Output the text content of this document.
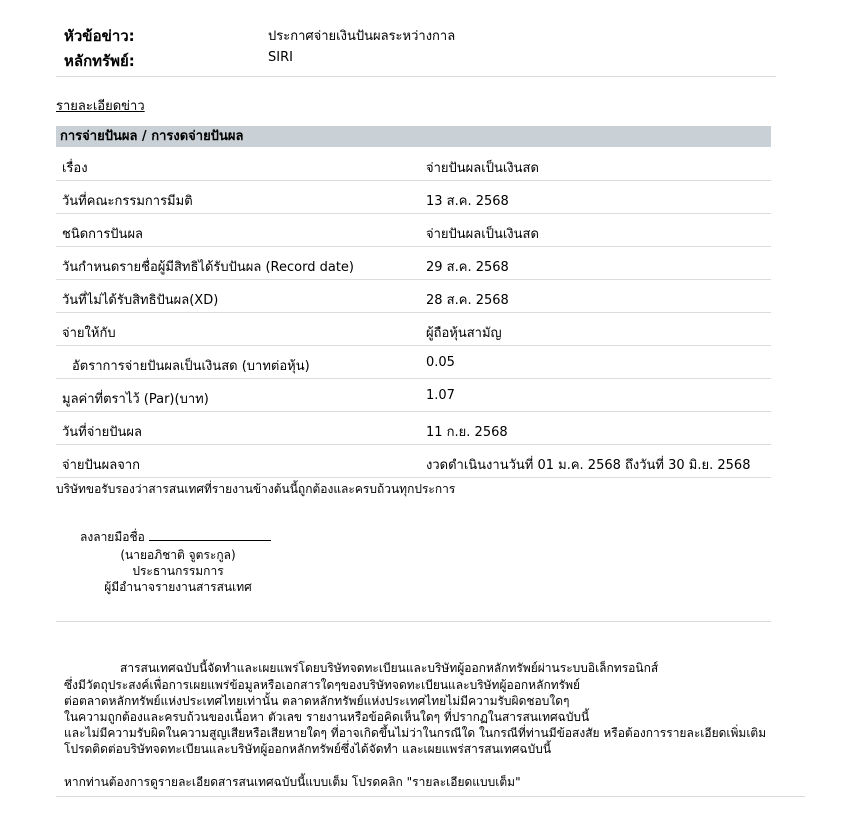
หัวข้อข่าว:	ประกาศจ่ายเงินปันผลระหว่างกาล
หลักทรัพย์:	SIRI
รายละเอียดข่าว
การจ่ายปันผล / การงดจ่ายปันผล
เรื่อง	จ่ายปันผลเป็นเงินสด
วันที่คณะกรรมการมีมติ	13 ส.ค. 2568
ชนิดการปันผล	จ่ายปันผลเป็นเงินสด
วันกำหนดรายชื่อผู้มีสิทธิได้รับปันผล (Record date)	29 ส.ค. 2568
วันที่ไม่ได้รับสิทธิปันผล(XD)	28 ส.ค. 2568
จ่ายให้กับ	ผู้ถือหุ้นสามัญ
อัตราการจ่ายปันผลเป็นเงินสด (บาทต่อหุ้น)	0.05
มูลค่าที่ตราไว้ (Par)(บาท)	1.07
วันที่จ่ายปันผล	11 ก.ย. 2568
จ่ายปันผลจาก	งวดดำเนินงานวันที่ 01 ม.ค. 2568 ถึงวันที่ 30 มิ.ย. 2568
บริษัทขอรับรองว่าสารสนเทศที่รายงานข้างต้นนี้ถูกต้องและครบถ้วนทุกประการ
ลงลายมือชื่อ
(นายอภิชาติ จูตระกูล)
ประธานกรรมการ
ผู้มีอำนาจรายงานสารสนเทศ
สารสนเทศฉบับนี้จัดทำและเผยแพร่โดยบริษัทจดทะเบียนและบริษัทผู้ออกหลักทรัพย์ผ่านระบบอิเล็กทรอนิกส์
ซึ่งมีวัตถุประสงค์เพื่อการเผยแพร่ข้อมูลหรือเอกสารใดๆของบริษัทจดทะเบียนและบริษัทผู้ออกหลักทรัพย์
ต่อตลาดหลักทรัพย์แห่งประเทศไทยเท่านั้น ตลาดหลักทรัพย์แห่งประเทศไทยไม่มีความรับผิดชอบใดๆ
ในความถูกต้องและครบถ้วนของเนื้อหา ตัวเลข รายงานหรือข้อคิดเห็นใดๆ ที่ปรากฏในสารสนเทศฉบับนี้
และไม่มีความรับผิดในความสูญเสียหรือเสียหายใดๆ ที่อาจเกิดขึ้นไม่ว่าในกรณีใด ในกรณีที่ท่านมีข้อสงสัย หรือต้องการรายละเอียดเพิ่มเติม
โปรดติดต่อบริษัทจดทะเบียนและบริษัทผู้ออกหลักทรัพย์ซึ่งได้จัดทำ และเผยแพร่สารสนเทศฉบับนี้
หากท่านต้องการดูรายละเอียดสารสนเทศฉบับนี้แบบเต็ม โปรดคลิก "รายละเอียดแบบเต็ม"
